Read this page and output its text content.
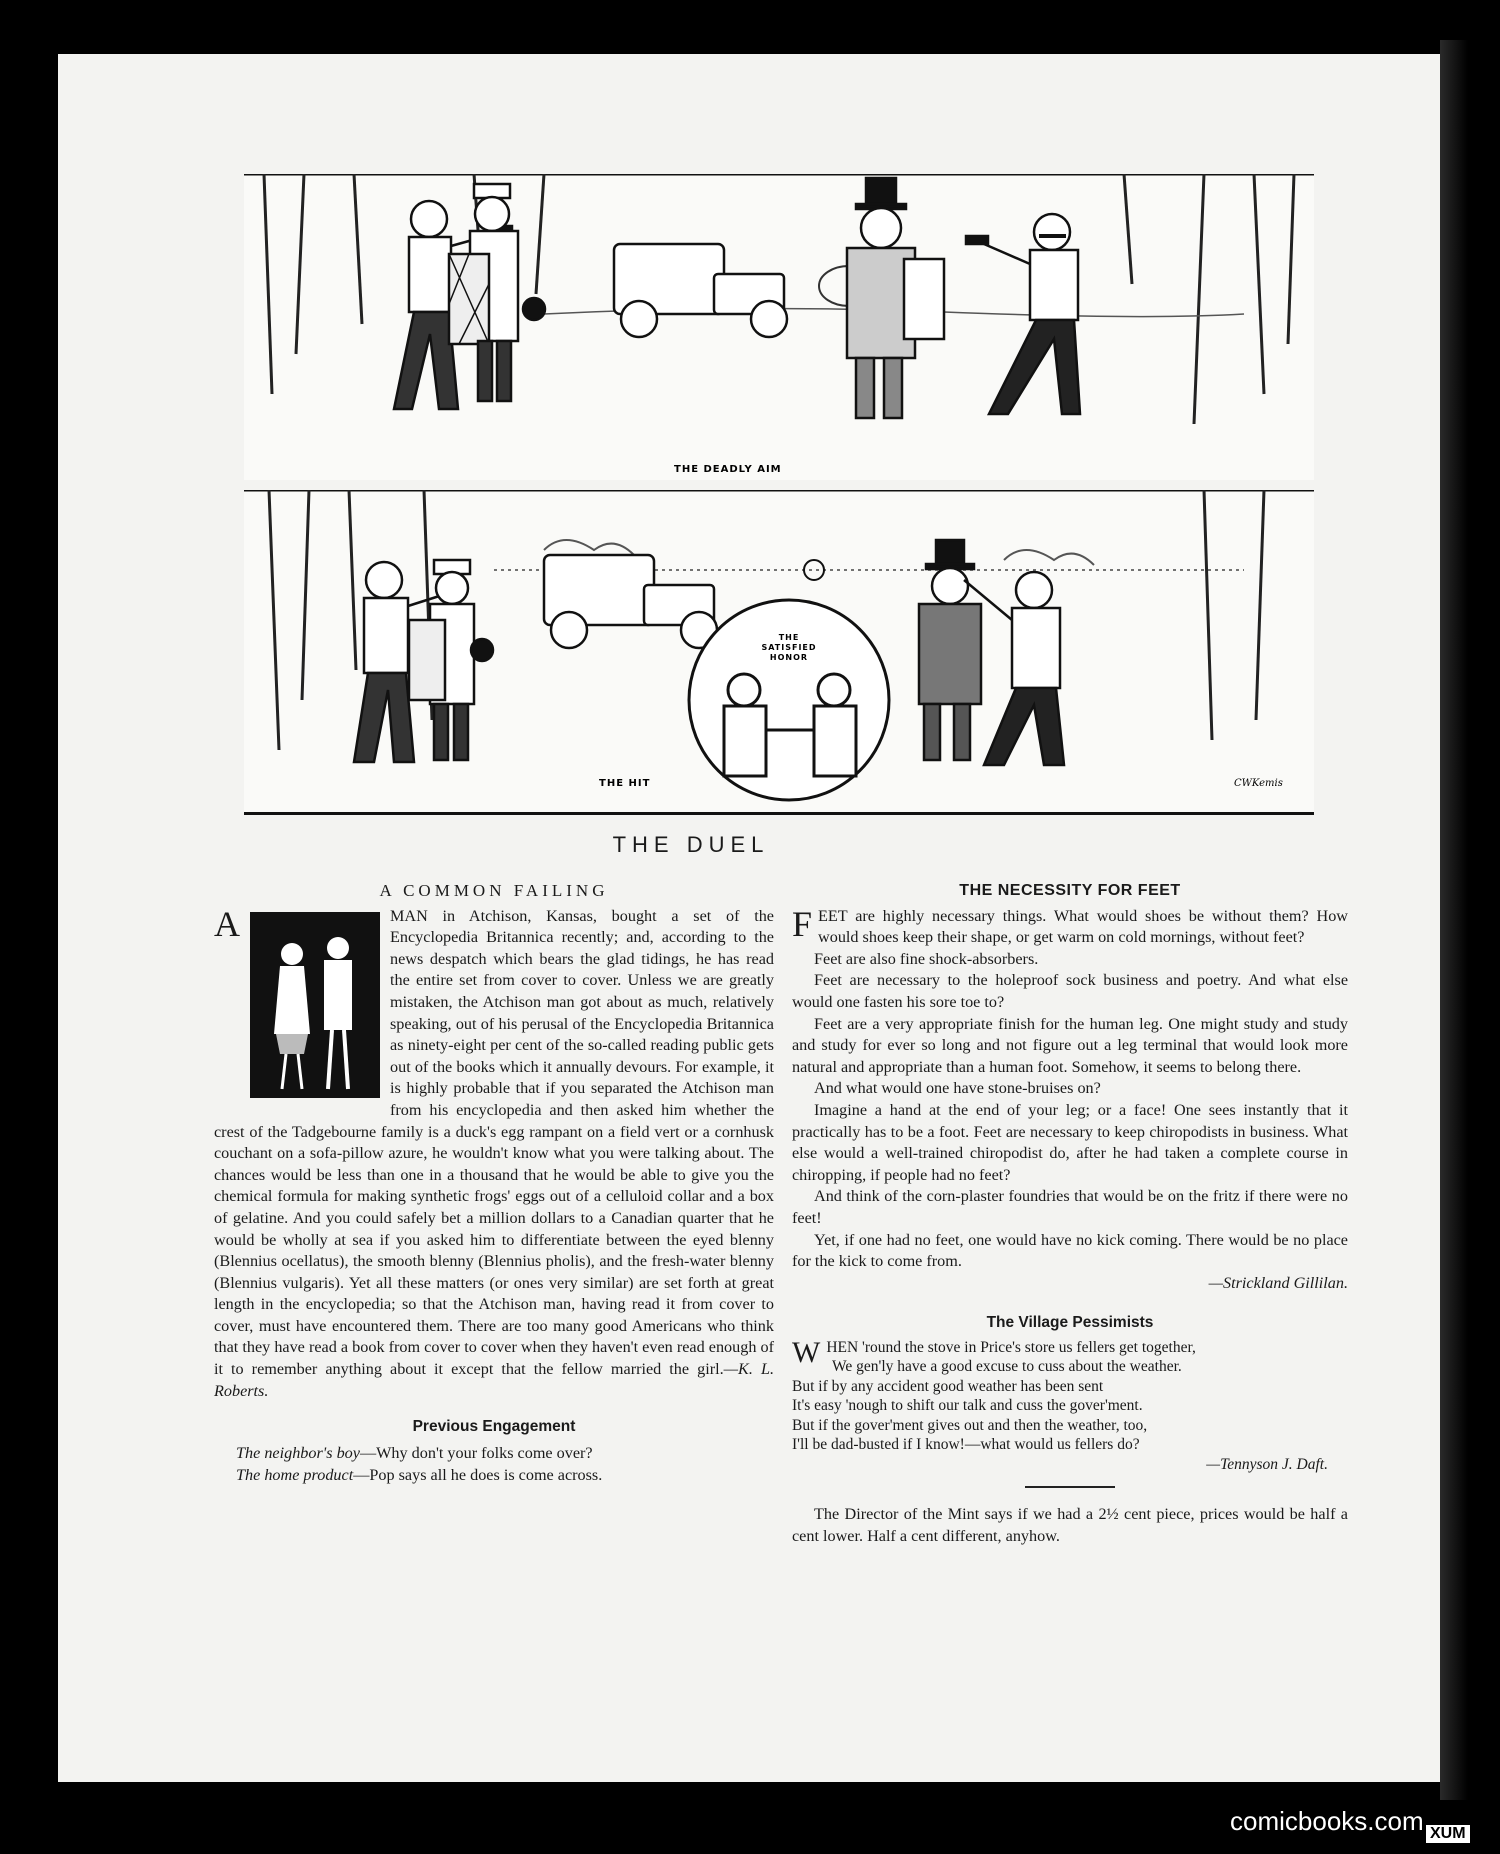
THE DEADLY AIM
THE
SATISFIED
HONOR
THE HIT	CWKemis
THE DUEL
A COMMON FAILING

A	MAN in Atchison, Kansas, bought a set of the Encyclopedia Britannica recently; and, according to the news despatch which bears the glad tidings, he has read the entire set from cover to cover. Unless we are greatly mistaken, the Atchison man got about as much, relatively speaking, out of his perusal of the Encyclopedia Britannica as ninety-eight per cent of the so-called reading public gets out of the books which it annually devours. For example, it is highly probable that if you separated the Atchison man from his encyclopedia and then asked him whether the crest of the Tadgebourne family is a duck's egg rampant on a field vert or a cornhusk couchant on a sofa-pillow azure, he wouldn't know what you were talking about. The chances would be less than one in a thousand that he would be able to give you the chemical formula for making synthetic frogs' eggs out of a celluloid collar and a box of gelatine. And you could safely bet a million dollars to a Canadian quarter that he would be wholly at sea if you asked him to differentiate between the eyed blenny (Blennius ocellatus), the smooth blenny (Blennius pholis), and the fresh-water blenny (Blennius vulgaris). Yet all these matters (or ones very similar) are set forth at great length in the encyclopedia; so that the Atchison man, having read it from cover to cover, must have encountered them. There are too many good Americans who think that they have read a book from cover to cover when they haven't even read enough of it to remember anything about it except that the fellow married the girl.—K. L. Roberts.

Previous Engagement
The neighbor's boy—Why don't your folks come over?
The home product—Pop says all he does is come across.
THE NECESSITY FOR FEET

FEET are highly necessary things. What would shoes be without them? How would shoes keep their shape, or get warm on cold mornings, without feet?

Feet are also fine shock-absorbers.

Feet are necessary to the holeproof sock business and poetry. And what else would one fasten his sore toe to?

Feet are a very appropriate finish for the human leg. One might study and study and study for ever so long and not figure out a leg terminal that would look more natural and appropriate than a human foot. Somehow, it seems to belong there.

And what would one have stone-bruises on?

Imagine a hand at the end of your leg; or a face! One sees instantly that it practically has to be a foot. Feet are necessary to keep chiropodists in business. What else would a well-trained chiropodist do, after he had taken a complete course in chiropping, if people had no feet?

And think of the corn-plaster foundries that would be on the fritz if there were no feet!

Yet, if one had no feet, one would have no kick coming. There would be no place for the kick to come from.

—Strickland Gillilan.
The Village Pessimists
WHEN 'round the stove in Price's store us fellers get together,
We gen'ly have a good excuse to cuss about the weather.
But if by any accident good weather has been sent
It's easy 'nough to shift our talk and cuss the gover'ment.
But if the gover'ment gives out and then the weather, too,
I'll be dad-busted if I know!—what would us fellers do?
—Tennyson J. Daft.

The Director of the Mint says if we had a 2½ cent piece, prices would be half a cent lower. Half a cent different, anyhow.

comicbooks.com XUM
